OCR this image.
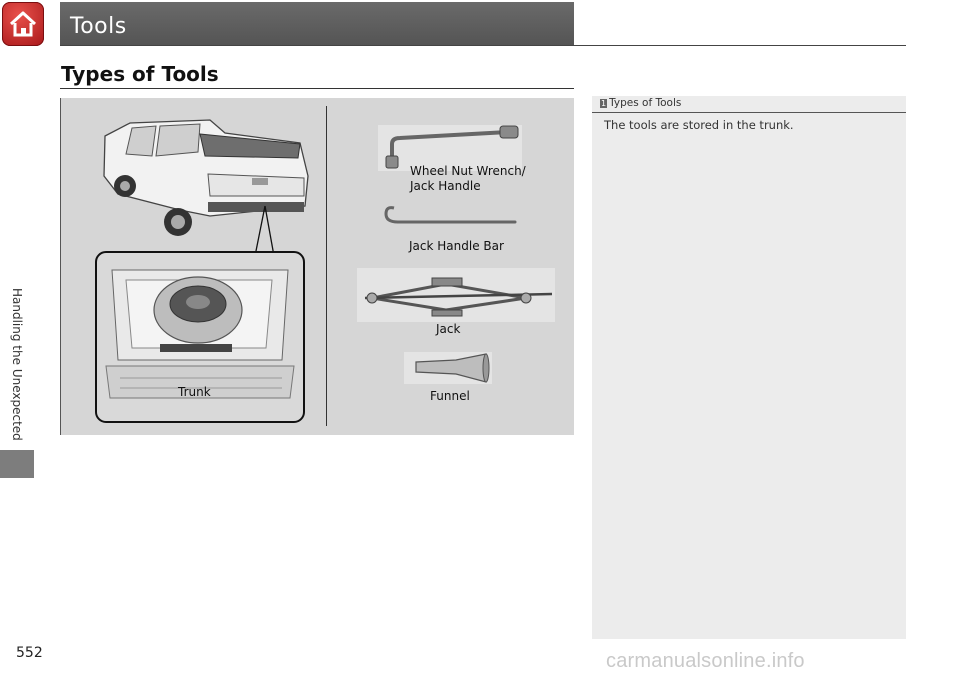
Handling the Unexpected
Tools
Types of Tools
Wheel Nut Wrench/
Jack Handle
Jack Handle Bar
Jack
Funnel
Trunk
1 Types of Tools
The tools are stored in the trunk.
552	carmanualsonline.info
